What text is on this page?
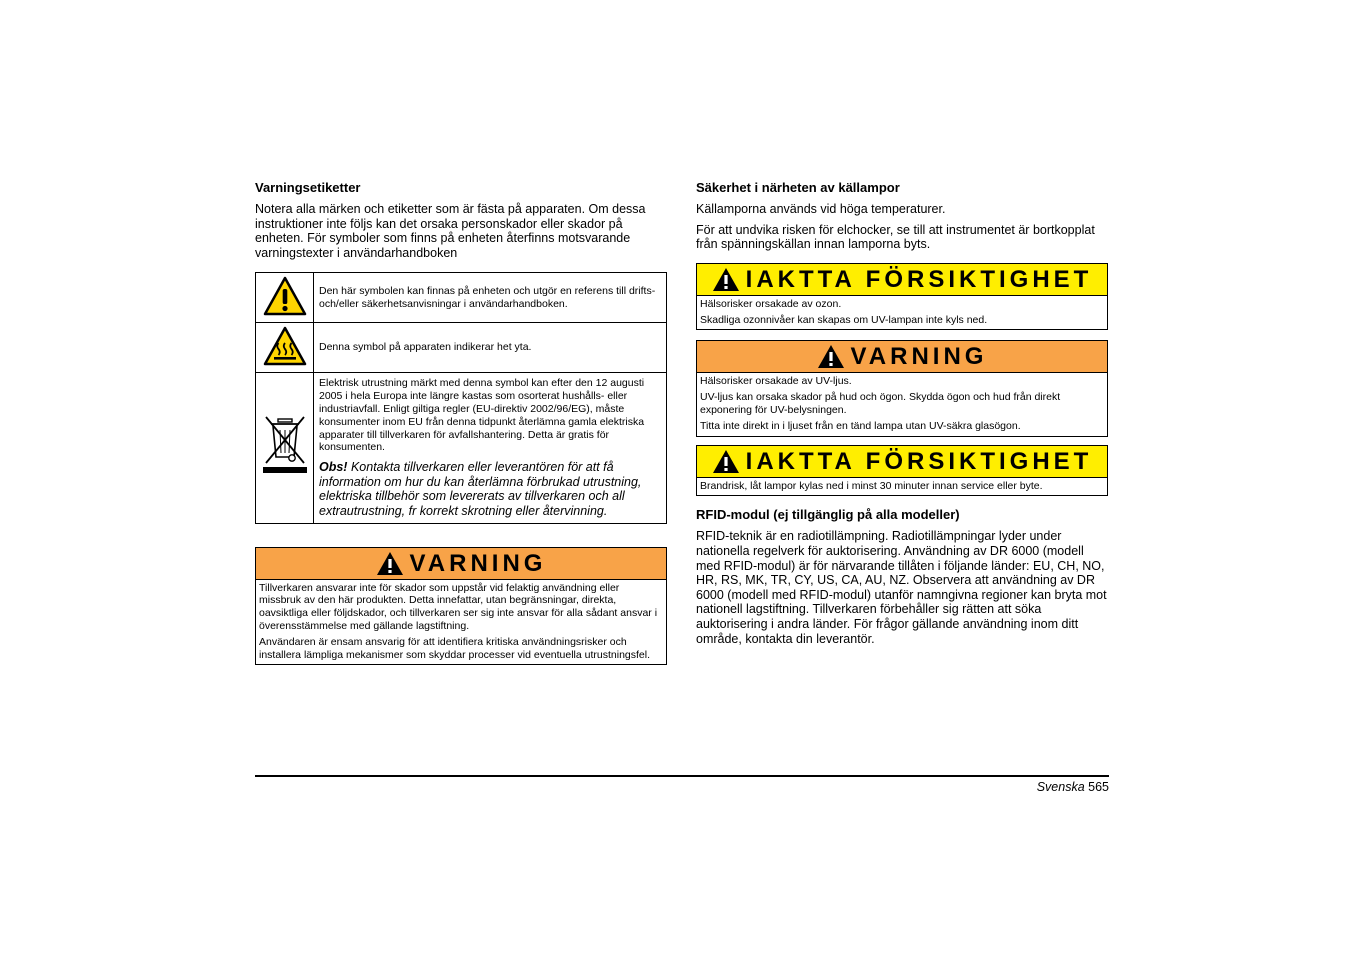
Varningsetiketter

Notera alla märken och etiketter som är fästa på apparaten. Om dessa instruktioner inte följs kan det orsaka personskador eller skador på enheten. För symboler som finns på enheten återfinns motsvarande varningstexter i användarhandboken

	Den här symbolen kan finnas på enheten och utgör en referens till drifts- och/eller säkerhetsanvisningar i användarhandboken.
	Denna symbol på apparaten indikerar het yta.

Elektrisk utrustning märkt med denna symbol kan efter den 12 augusti 2005 i hela Europa inte längre kastas som osorterat hushålls- eller industriavfall. Enligt giltiga regler (EU-direktiv 2002/96/EG), måste konsumenter inom EU från denna tidpunkt återlämna gamla elektriska apparater till tillverkaren för avfallshantering. Detta är gratis för konsumenten.

Obs! Kontakta tillverkaren eller leverantören för att få information om hur du kan återlämna förbrukad utrustning, elektriska tillbehör som levererats av tillverkaren och all extrautrustning, fr korrekt skrotning eller återvinning.

VARNING

Tillverkaren ansvarar inte för skador som uppstår vid felaktig användning eller missbruk av den här produkten. Detta innefattar, utan begränsningar, direkta, oavsiktliga eller följdskador, och tillverkaren ser sig inte ansvar för alla sådant ansvar i överensstämmelse med gällande lagstiftning.

Användaren är ensam ansvarig för att identifiera kritiska användningsrisker och installera lämpliga mekanismer som skyddar processer vid eventuella utrustningsfel.

Säkerhet i närheten av källampor

Källamporna används vid höga temperaturer.

För att undvika risken för elchocker, se till att instrumentet är bortkopplat från spänningskällan innan lamporna byts.

IAKTTA FÖRSIKTIGHET

Hälsorisker orsakade av ozon.

Skadliga ozonnivåer kan skapas om UV-lampan inte kyls ned.

VARNING

Hälsorisker orsakade av UV-ljus.

UV-ljus kan orsaka skador på hud och ögon. Skydda ögon och hud från direkt exponering för UV-belysningen.

Titta inte direkt in i ljuset från en tänd lampa utan UV-säkra glasögon.

IAKTTA FÖRSIKTIGHET

Brandrisk, låt lampor kylas ned i minst 30 minuter innan service eller byte.

RFID-modul (ej tillgänglig på alla modeller)

RFID-teknik är en radiotillämpning. Radiotillämpningar lyder under nationella regelverk för auktorisering. Användning av DR 6000 (modell med RFID-modul) är för närvarande tillåten i följande länder: EU, CH, NO, HR, RS, MK, TR, CY, US, CA, AU, NZ. Observera att användning av DR 6000 (modell med RFID-modul) utanför namngivna regioner kan bryta mot nationell lagstiftning. Tillverkaren förbehåller sig rätten att söka auktorisering i andra länder. För frågor gällande användning inom ditt område, kontakta din leverantör.

Svenska 565
